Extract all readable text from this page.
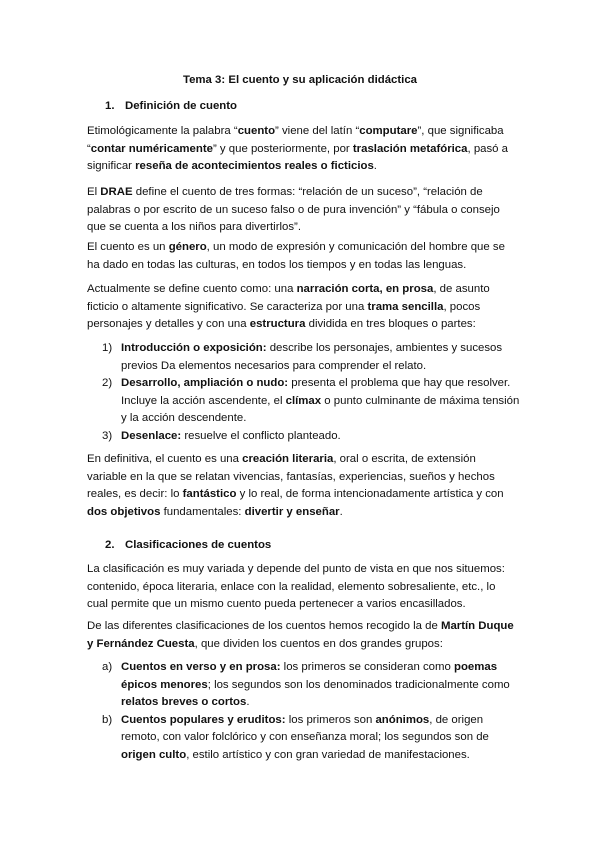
Tema 3: El cuento y su aplicación didáctica
1. Definición de cuento

Etimológicamente la palabra “cuento” viene del latín “computare”, que significaba “contar numéricamente” y que posteriormente, por traslación metafórica, pasó a significar reseña de acontecimientos reales o ficticios.

El DRAE define el cuento de tres formas: “relación de un suceso”, “relación de palabras o por escrito de un suceso falso o de pura invención” y “fábula o consejo que se cuenta a los niños para divertirlos”.

El cuento es un género, un modo de expresión y comunicación del hombre que se ha dado en todas las culturas, en todos los tiempos y en todas las lenguas.

Actualmente se define cuento como: una narración corta, en prosa, de asunto ficticio o altamente significativo. Se caracteriza por una trama sencilla, pocos personajes y detalles y con una estructura dividida en tres bloques o partes:

1) Introducción o exposición: describe los personajes, ambientes y sucesos previos Da elementos necesarios para comprender el relato.
2) Desarrollo, ampliación o nudo: presenta el problema que hay que resolver. Incluye la acción ascendente, el clímax o punto culminante de máxima tensión y la acción descendente.
3) Desenlace: resuelve el conflicto planteado.

En definitiva, el cuento es una creación literaria, oral o escrita, de extensión variable en la que se relatan vivencias, fantasías, experiencias, sueños y hechos reales, es decir: lo fantástico y lo real, de forma intencionadamente artística y con dos objetivos fundamentales: divertir y enseñar.

2. Clasificaciones de cuentos

La clasificación es muy variada y depende del punto de vista en que nos situemos: contenido, época literaria, enlace con la realidad, elemento sobresaliente, etc., lo cual permite que un mismo cuento pueda pertenecer a varios encasillados.

De las diferentes clasificaciones de los cuentos hemos recogido la de Martín Duque y Fernández Cuesta, que dividen los cuentos en dos grandes grupos:

a) Cuentos en verso y en prosa: los primeros se consideran como poemas épicos menores; los segundos son los denominados tradicionalmente como relatos breves o cortos.
b) Cuentos populares y eruditos: los primeros son anónimos, de origen remoto, con valor folclórico y con enseñanza moral; los segundos son de origen culto, estilo artístico y con gran variedad de manifestaciones.
